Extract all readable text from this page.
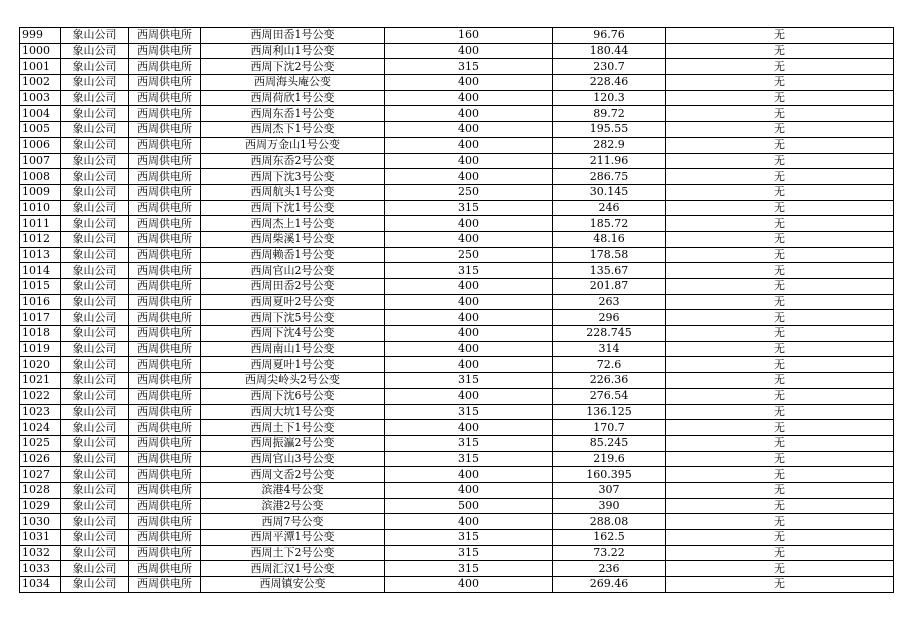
999	象山公司	西周供电所	西周田岙1号公变	160	96.76	无
1000	象山公司	西周供电所	西周利山1号公变	400	180.44	无
1001	象山公司	西周供电所	西周下沈2号公变	315	230.7	无
1002	象山公司	西周供电所	西周海头庵公变	400	228.46	无
1003	象山公司	西周供电所	西周荷欣1号公变	400	120.3	无
1004	象山公司	西周供电所	西周东岙1号公变	400	89.72	无
1005	象山公司	西周供电所	西周杰下1号公变	400	195.55	无
1006	象山公司	西周供电所	西周万金山1号公变	400	282.9	无
1007	象山公司	西周供电所	西周东岙2号公变	400	211.96	无
1008	象山公司	西周供电所	西周下沈3号公变	400	286.75	无
1009	象山公司	西周供电所	西周航头1号公变	250	30.145	无
1010	象山公司	西周供电所	西周下沈1号公变	315	246	无
1011	象山公司	西周供电所	西周杰上1号公变	400	185.72	无
1012	象山公司	西周供电所	西周柴溪1号公变	400	48.16	无
1013	象山公司	西周供电所	西周赖岙1号公变	250	178.58	无
1014	象山公司	西周供电所	西周官山2号公变	315	135.67	无
1015	象山公司	西周供电所	西周田岙2号公变	400	201.87	无
1016	象山公司	西周供电所	西周夏叶2号公变	400	263	无
1017	象山公司	西周供电所	西周下沈5号公变	400	296	无
1018	象山公司	西周供电所	西周下沈4号公变	400	228.745	无
1019	象山公司	西周供电所	西周南山1号公变	400	314	无
1020	象山公司	西周供电所	西周夏叶1号公变	400	72.6	无
1021	象山公司	西周供电所	西周尖岭头2号公变	315	226.36	无
1022	象山公司	西周供电所	西周下沈6号公变	400	276.54	无
1023	象山公司	西周供电所	西周大坑1号公变	315	136.125	无
1024	象山公司	西周供电所	西周土下1号公变	400	170.7	无
1025	象山公司	西周供电所	西周振瀛2号公变	315	85.245	无
1026	象山公司	西周供电所	西周官山3号公变	315	219.6	无
1027	象山公司	西周供电所	西周文岙2号公变	400	160.395	无
1028	象山公司	西周供电所	滨港4号公变	400	307	无
1029	象山公司	西周供电所	滨港2号公变	500	390	无
1030	象山公司	西周供电所	西周7号公变	400	288.08	无
1031	象山公司	西周供电所	西周平潭1号公变	315	162.5	无
1032	象山公司	西周供电所	西周土下2号公变	315	73.22	无
1033	象山公司	西周供电所	西周汇汉1号公变	315	236	无
1034	象山公司	西周供电所	西周镇安公变	400	269.46	无
